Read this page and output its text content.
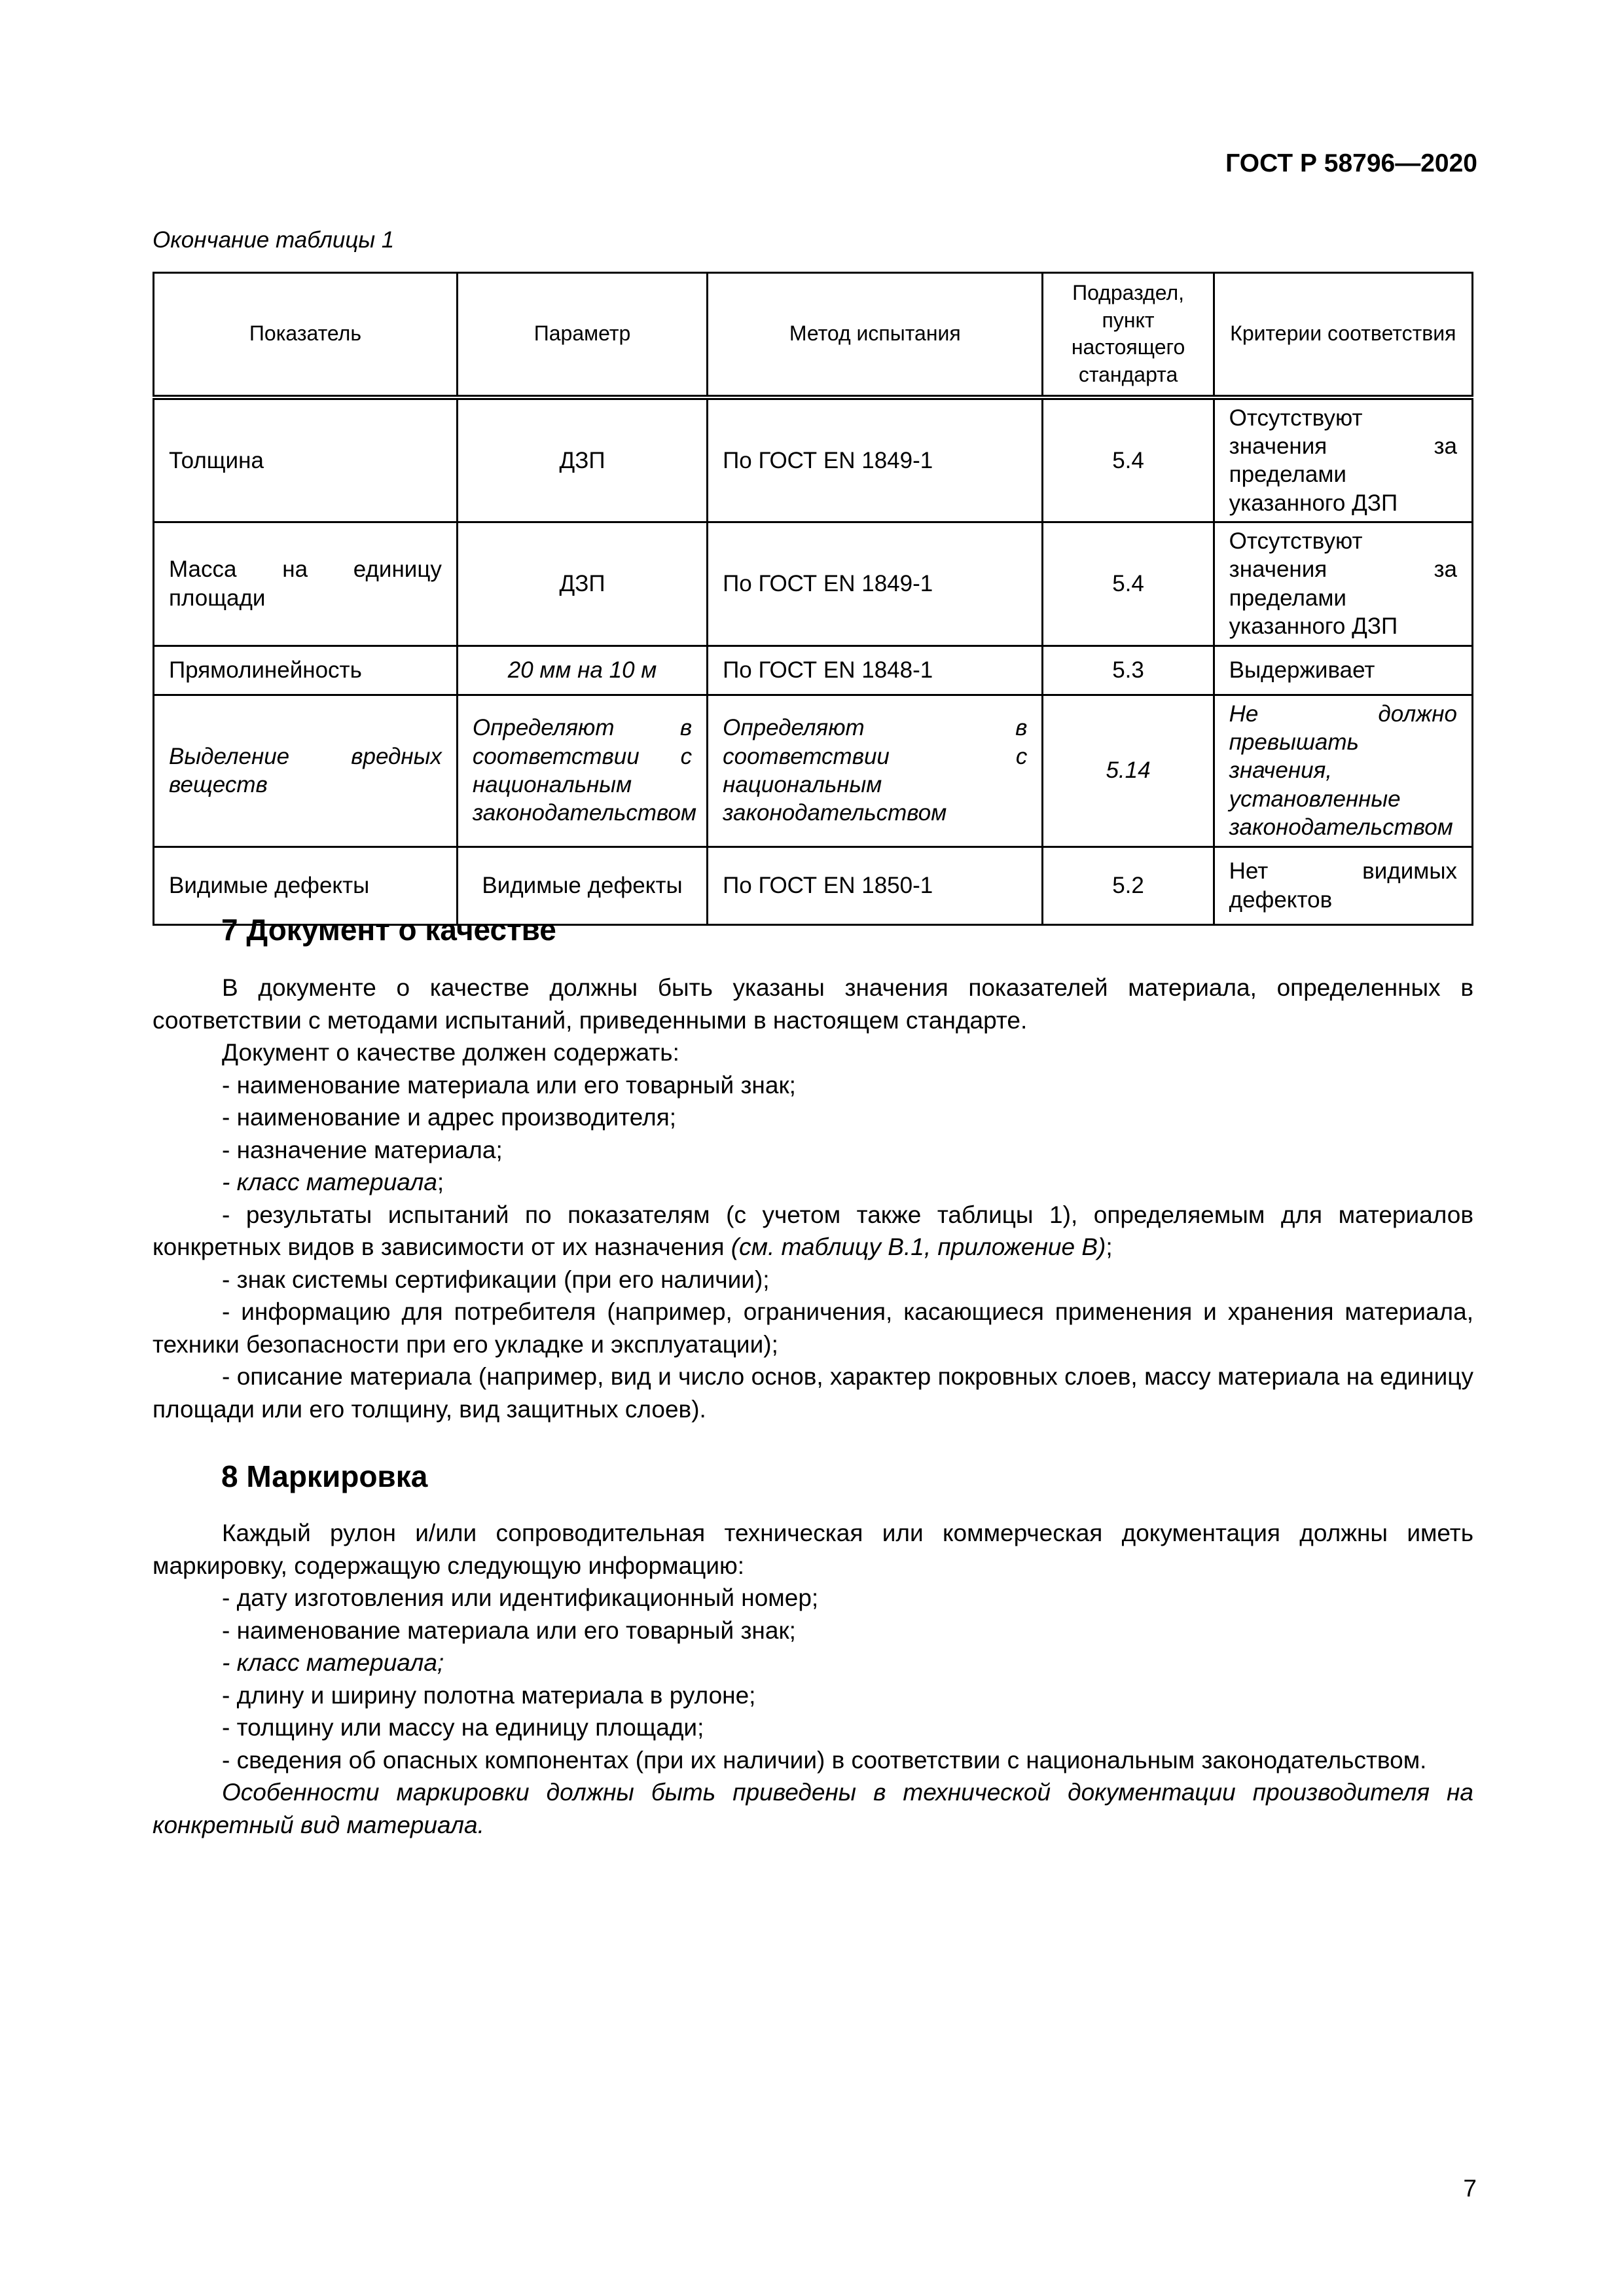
ГОСТ Р 58796—2020
Окончание таблицы 1
Показатель	Параметр	Метод испытания	Подраздел, пункт настоящего стандарта	Критерии соответствия
Толщина	ДЗП	По ГОСТ EN 1849-1	5.4	Отсутствуют значения за пределами указанного ДЗП
Масса на единицу площади	ДЗП	По ГОСТ EN 1849-1	5.4	Отсутствуют значения за пределами указанного ДЗП
Прямолинейность	20 мм на 10 м	По ГОСТ EN 1848-1	5.3	Выдерживает
Выделение вредных веществ	Определяют в соответствии с национальным законодательством	Определяют в соответствии с национальным законодательством	5.14	Не должно превышать значения, установленные законодательством
Видимые дефекты	Видимые дефекты	По ГОСТ EN 1850-1	5.2	Нет видимых дефектов
7 Документ о качестве

В документе о качестве должны быть указаны значения показателей материала, определенных в соответствии с методами испытаний, приведенными в настоящем стандарте.

Документ о качестве должен содержать:

- наименование материала или его товарный знак;

- наименование и адрес производителя;

- назначение материала;

- класс материала;

- результаты испытаний по показателям (с учетом также таблицы 1), определяемым для материалов конкретных видов в зависимости от их назначения (см. таблицу В.1, приложение В);

- знак системы сертификации (при его наличии);

- информацию для потребителя (например, ограничения, касающиеся применения и хранения материала, техники безопасности при его укладке и эксплуатации);

- описание материала (например, вид и число основ, характер покровных слоев, массу материала на единицу площади или его толщину, вид защитных слоев).

8 Маркировка

Каждый рулон и/или сопроводительная техническая или коммерческая документация должны иметь маркировку, содержащую следующую информацию:

- дату изготовления или идентификационный номер;

- наименование материала или его товарный знак;

- класс материала;

- длину и ширину полотна материала в рулоне;

- толщину или массу на единицу площади;

- сведения об опасных компонентах (при их наличии) в соответствии с национальным законодательством.

Особенности маркировки должны быть приведены в технической документации производителя на конкретный вид материала.

7
